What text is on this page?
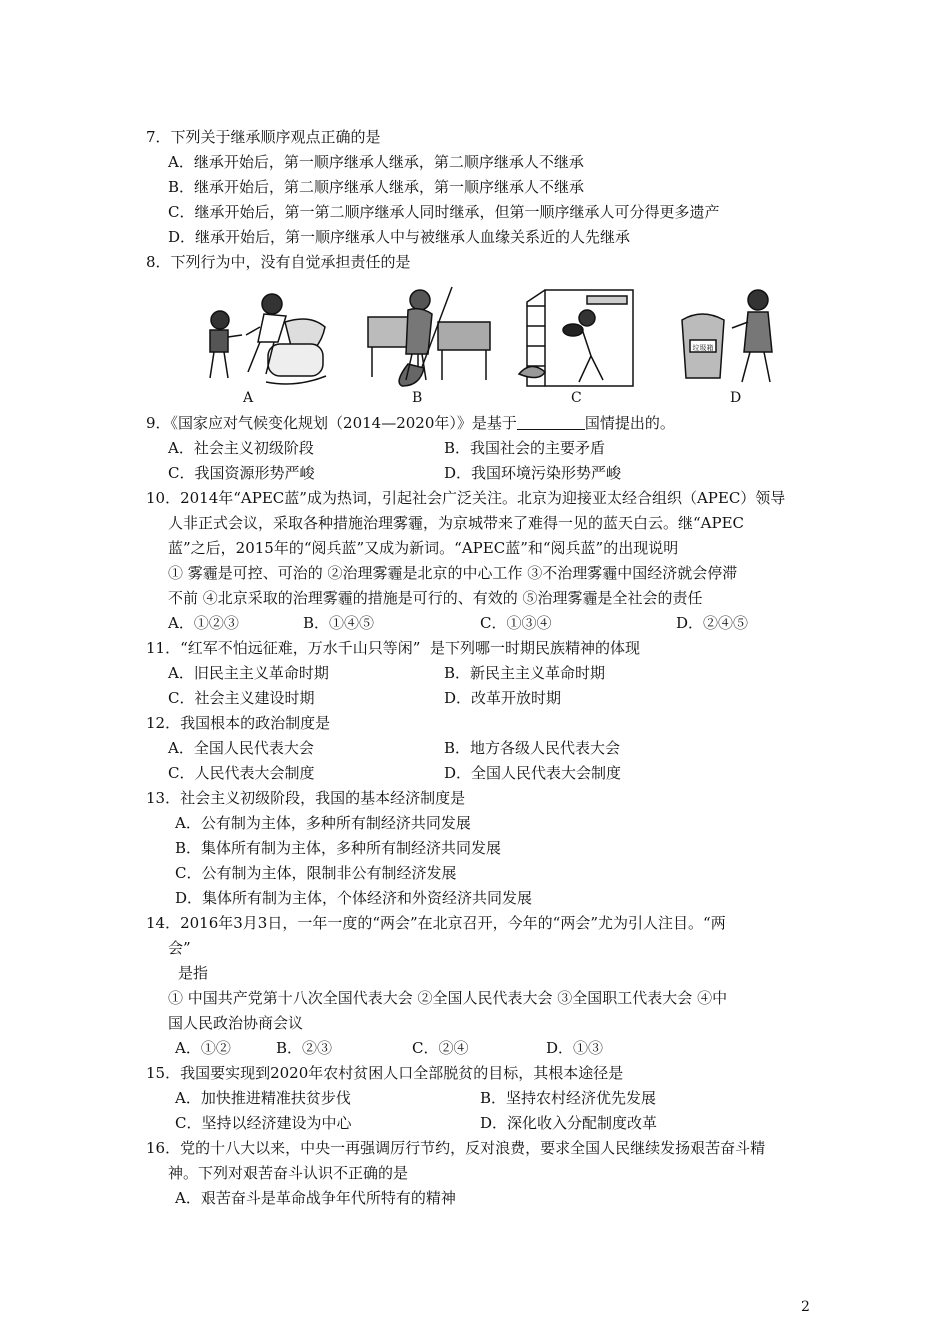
7．下列关于继承顺序观点正确的是
A．继承开始后，第一顺序继承人继承，第二顺序继承人不继承
B．继承开始后，第二顺序继承人继承，第一顺序继承人不继承
C．继承开始后，第一第二顺序继承人同时继承，但第一顺序继承人可分得更多遗产
D．继承开始后，第一顺序继承人中与被继承人血缘关系近的人先继承
8．下列行为中，没有自觉承担责任的是
垃圾箱
A	B	C	D
9．《国家应对气候变化规划（2014—2020年）》是基于	国情提出的。
A．社会主义初级阶段	B．我国社会的主要矛盾
C．我国资源形势严峻	D．我国环境污染形势严峻
10．2014年“APEC蓝”成为热词，引起社会广泛关注。北京为迎接亚太经合组织（APEC）领导
人非正式会议，采取各种措施治理雾霾，为京城带来了难得一见的蓝天白云。继“APEC
蓝”之后，2015年的“阅兵蓝”又成为新词。“APEC蓝”和“阅兵蓝”的出现说明
① 雾霾是可控、可治的 ②治理雾霾是北京的中心工作 ③不治理雾霾中国经济就会停滞
不前 ④北京采取的治理雾霾的措施是可行的、有效的 ⑤治理雾霾是全社会的责任
A．①②③	B．①④⑤	C．①③④	D．②④⑤
11．“红军不怕远征难，万水千山只等闲”  是下列哪一时期民族精神的体现
A．旧民主主义革命时期	B．新民主主义革命时期
C．社会主义建设时期	D．改革开放时期
12．我国根本的政治制度是
A．全国人民代表大会	B．地方各级人民代表大会
C．人民代表大会制度	D．全国人民代表大会制度
13．社会主义初级阶段，我国的基本经济制度是
A．公有制为主体，多种所有制经济共同发展
B．集体所有制为主体，多种所有制经济共同发展
C．公有制为主体，限制非公有制经济发展
D．集体所有制为主体，个体经济和外资经济共同发展
14．2016年3月3日，一年一度的“两会”在北京召开，今年的“两会”尤为引人注目。“两
会”
是指
① 中国共产党第十八次全国代表大会 ②全国人民代表大会 ③全国职工代表大会 ④中
国人民政治协商会议
A．①②	B．②③	C．②④	D．①③
15．我国要实现到2020年农村贫困人口全部脱贫的目标，其根本途径是
A．加快推进精准扶贫步伐	B．坚持农村经济优先发展
C．坚持以经济建设为中心	D．深化收入分配制度改革
16．党的十八大以来，中央一再强调厉行节约，反对浪费，要求全国人民继续发扬艰苦奋斗精
神。下列对艰苦奋斗认识不正确的是
A．艰苦奋斗是革命战争年代所特有的精神
2
